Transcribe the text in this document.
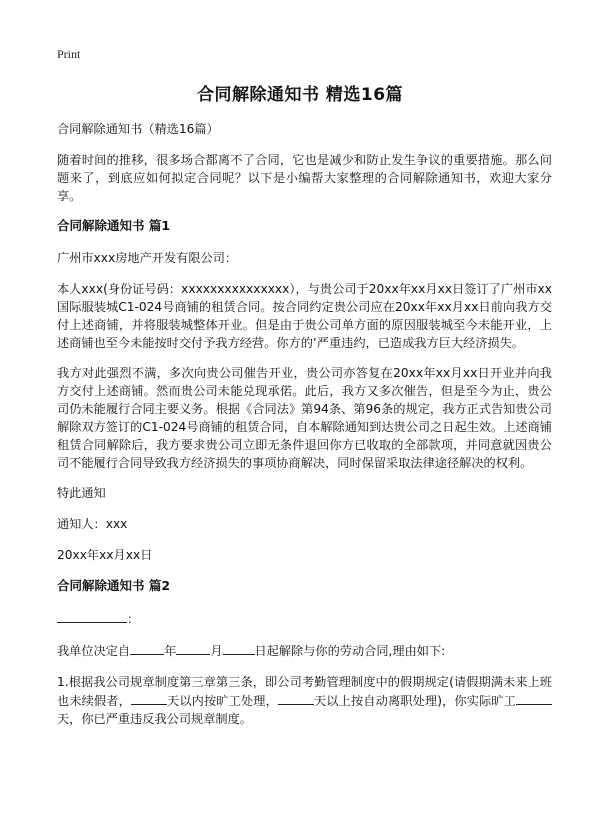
Print
合同解除通知书 精选16篇

合同解除通知书（精选16篇）

随着时间的推移，很多场合都离不了合同，它也是减少和防止发生争议的重要措施。那么问题来了，到底应如何拟定合同呢？以下是小编帮大家整理的合同解除通知书，欢迎大家分享。

合同解除通知书 篇1

广州市xxx房地产开发有限公司：

本人xxx(身份证号码：xxxxxxxxxxxxxxx），与贵公司于20xx年xx月xx日签订了广州市xx国际服装城C1-024号商铺的租赁合同。按合同约定贵公司应在20xx年xx月xx日前向我方交付上述商铺，并将服装城整体开业。但是由于贵公司单方面的原因服装城至今未能开业，上述商铺也至今未能按时交付予我方经营。你方的’严重违约，已造成我方巨大经济损失。

我方对此强烈不满，多次向贵公司催告开业，贵公司亦答复在20xx年xx月xx日开业并向我方交付上述商铺。然而贵公司未能兑现承偌。此后，我方又多次催告，但是至今为止，贵公司仍未能履行合同主要义务。根据《合同法》第94条、第96条的规定，我方正式告知贵公司解除双方签订的C1-024号商铺的租赁合同，自本解除通知到达贵公司之日起生效。上述商铺租赁合同解除后，我方要求贵公司立即无条件退回你方已收取的全部款项，并同意就因贵公司不能履行合同导致我方经济损失的事项协商解决，同时保留采取法律途径解决的权利。

特此通知

通知人：xxx

20xx年xx月xx日

合同解除通知书 篇2

：

我单位决定自	年	月	日起解除与你的劳动合同,理由如下:

1.根据我公司规章制度第三章第三条，即公司考勤管理制度中的假期规定(请假期满未来上班也未续假者，	天以内按旷工处理，	天以上按自动离职处理)，你实际旷工天，你已严重违反我公司规章制度。
